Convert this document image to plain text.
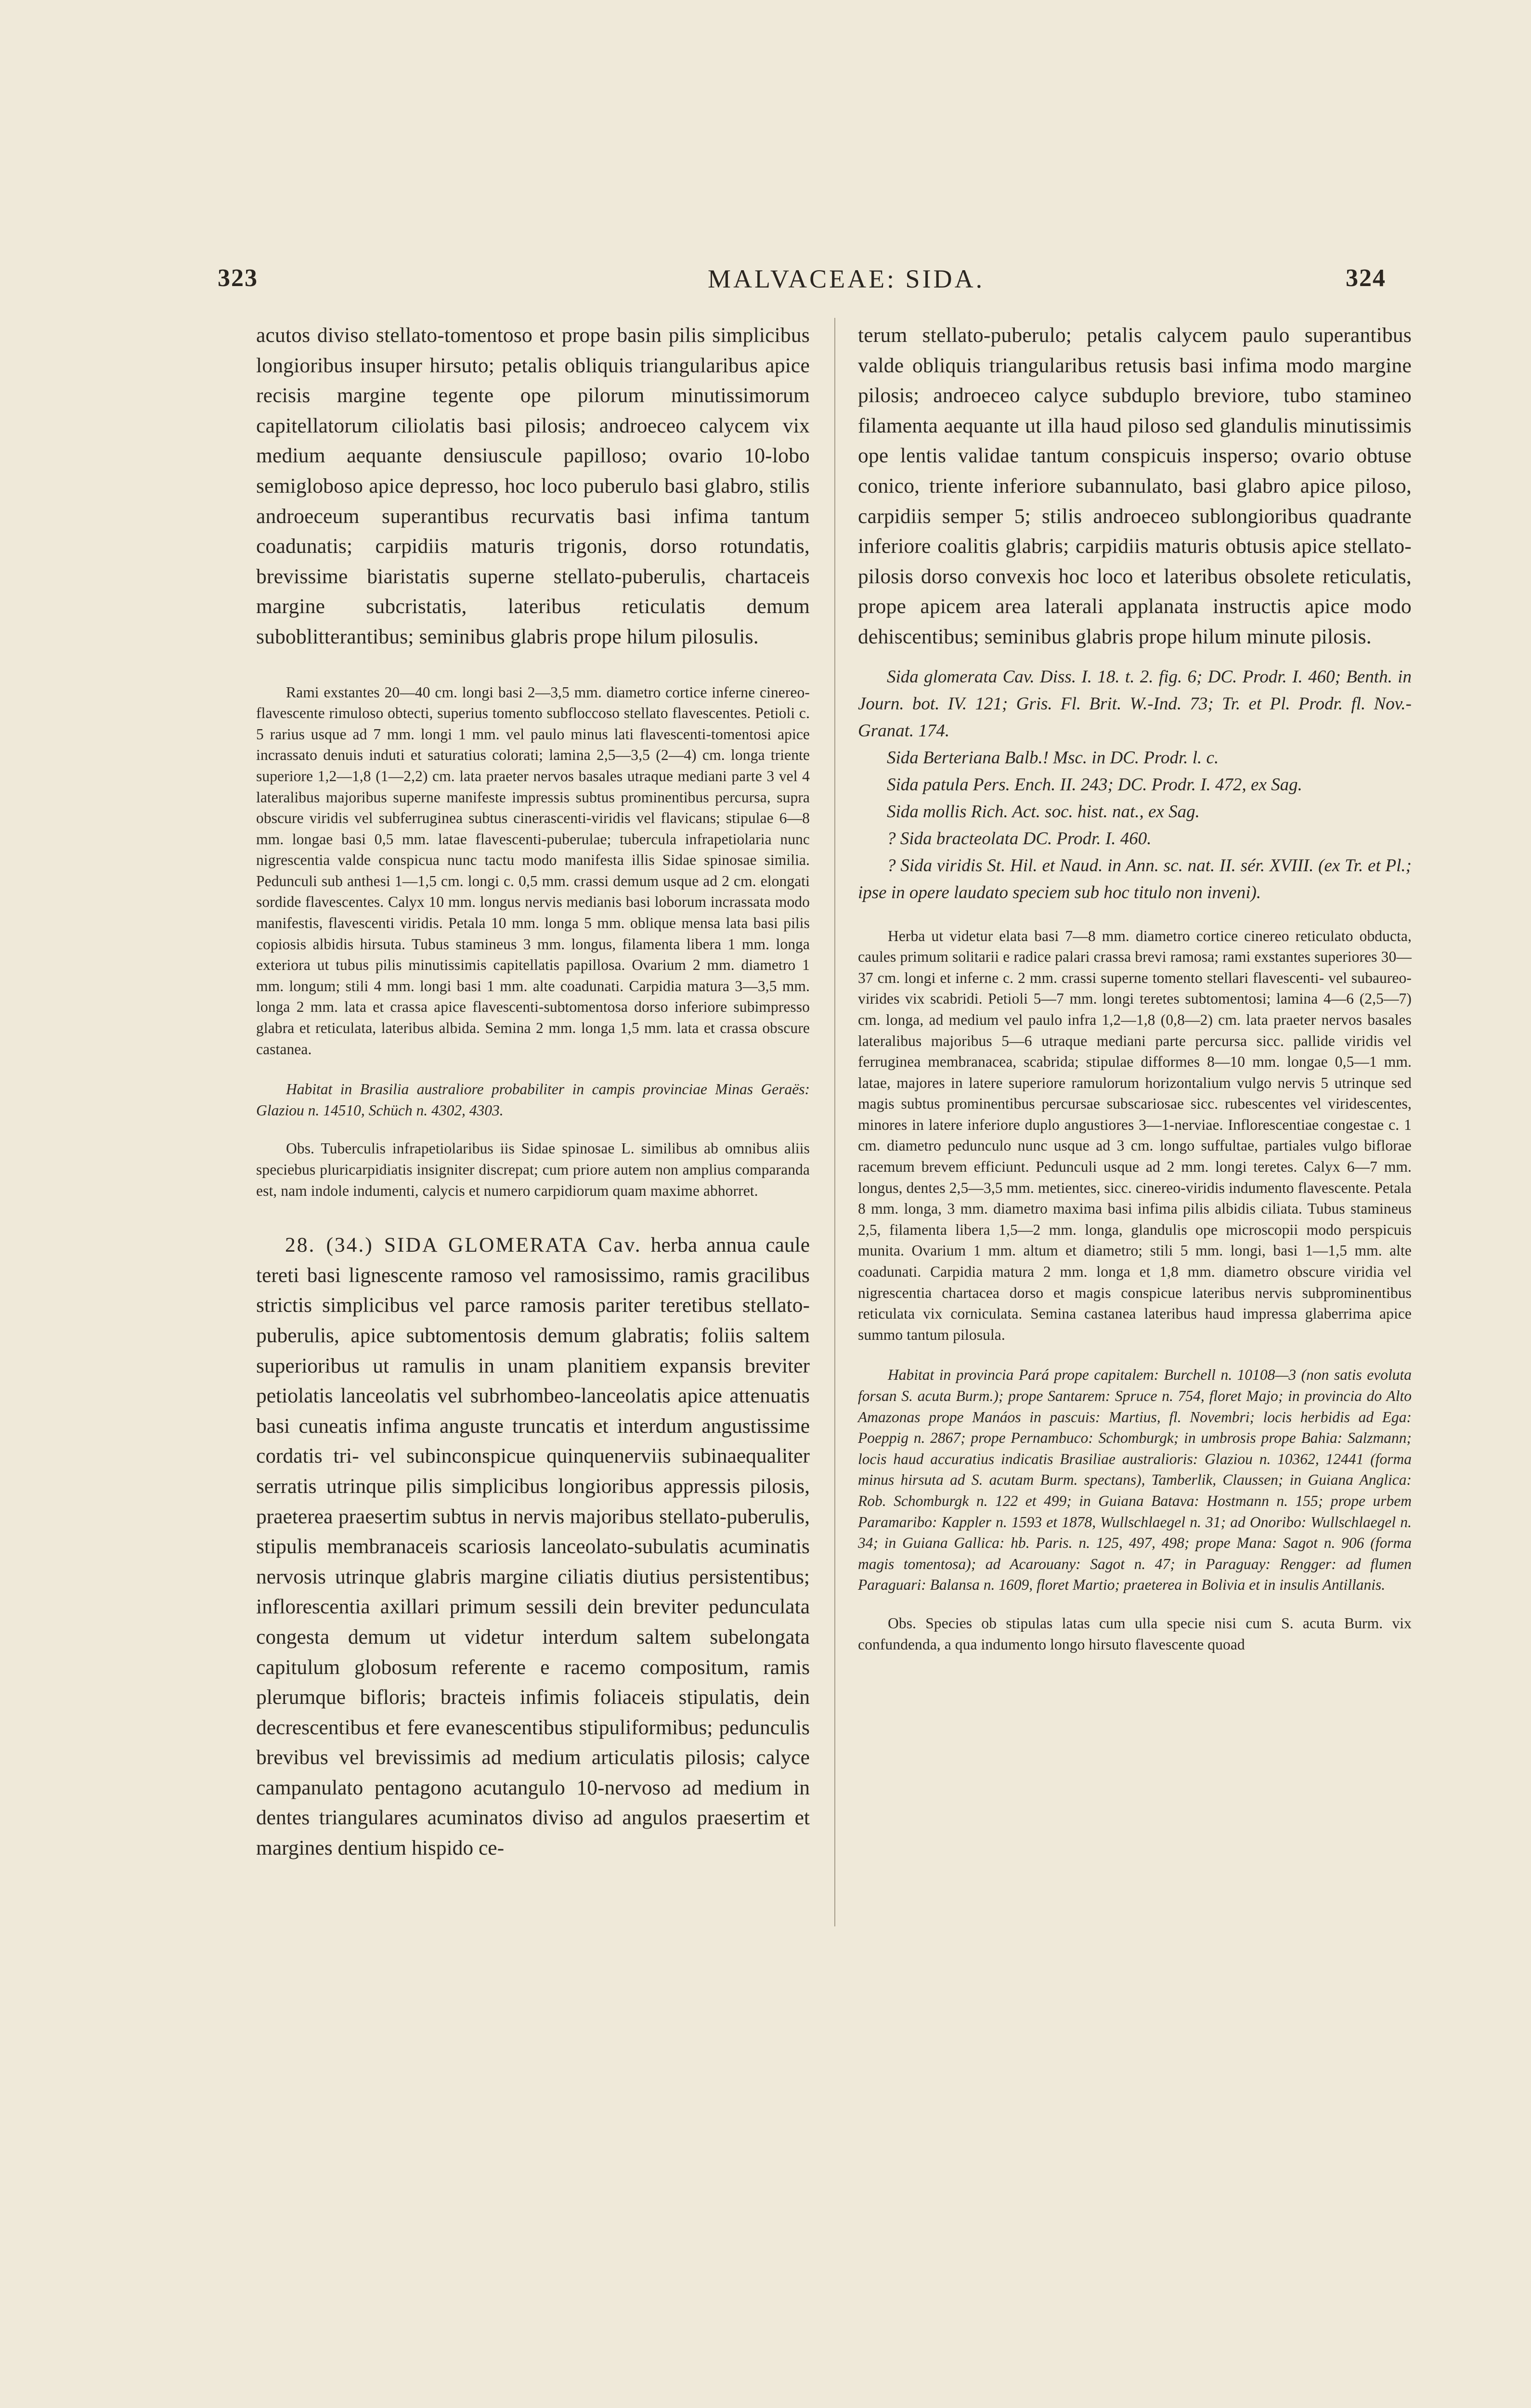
323	MALVACEAE: SIDA.	324

acutos diviso stellato-tomentoso et prope basin pilis simplicibus longioribus insuper hirsuto; petalis obliquis triangularibus apice recisis margine tegente ope pilorum minutissimorum capitellatorum ciliolatis basi pilosis; androeceo calycem vix medium aequante densiuscule papilloso; ovario 10-lobo semigloboso apice depresso, hoc loco puberulo basi glabro, stilis androeceum superantibus recurvatis basi infima tantum coadunatis; carpidiis maturis trigonis, dorso rotundatis, brevissime biaristatis superne stellato-puberulis, chartaceis margine subcristatis, lateribus reticulatis demum suboblitterantibus; seminibus glabris prope hilum pilosulis.

Rami exstantes 20—40 cm. longi basi 2—3,5 mm. diametro cortice inferne cinereo-flavescente rimuloso obtecti, superius tomento subfloccoso stellato flavescentes. Petioli c. 5 rarius usque ad 7 mm. longi 1 mm. vel paulo minus lati flavescenti-tomentosi apice incrassato denuis induti et saturatius colorati; lamina 2,5—3,5 (2—4) cm. longa triente superiore 1,2—1,8 (1—2,2) cm. lata praeter nervos basales utraque mediani parte 3 vel 4 lateralibus majoribus superne manifeste impressis subtus prominentibus percursa, supra obscure viridis vel subferruginea subtus cinerascenti-viridis vel flavicans; stipulae 6—8 mm. longae basi 0,5 mm. latae flavescenti-puberulae; tubercula infrapetiolaria nunc nigrescentia valde conspicua nunc tactu modo manifesta illis Sidae spinosae similia. Pedunculi sub anthesi 1—1,5 cm. longi c. 0,5 mm. crassi demum usque ad 2 cm. elongati sordide flavescentes. Calyx 10 mm. longus nervis medianis basi loborum incrassata modo manifestis, flavescenti viridis. Petala 10 mm. longa 5 mm. oblique mensa lata basi pilis copiosis albidis hirsuta. Tubus staminеus 3 mm. longus, filamenta libera 1 mm. longa exteriora ut tubus pilis minutissimis capitellatis papillosa. Ovarium 2 mm. diametro 1 mm. longum; stili 4 mm. longi basi 1 mm. alte coadunati. Carpidia matura 3—3,5 mm. longa 2 mm. lata et crassa apice flavescenti-subtomentosa dorso inferiore subimpresso glabra et reticulata, lateribus albida. Semina 2 mm. longa 1,5 mm. lata et crassa obscure castanea.

Habitat in Brasilia australiore probabiliter in campis provinciae Minas Geraës: Glaziou n. 14510, Schüch n. 4302, 4303.

Obs. Tuberculis infrapetiolaribus iis Sidae spinosae L. similibus ab omnibus aliis speciebus pluricarpidiatis insigniter discrepat; cum priore autem non amplius comparanda est, nam indole indumenti, calycis et numero carpidiorum quam maxime abhorret.

28. (34.) SIDA GLOMERATA Cav. herba annua caule tereti basi lignescente ramoso vel ramosissimo, ramis gracilibus strictis simplicibus vel parce ramosis pariter teretibus stellato-puberulis, apice subtomentosis demum glabratis; foliis saltem superioribus ut ramulis in unam planitiem expansis breviter petiolatis lanceolatis vel subrhombeo-lanceolatis apice attenuatis basi cuneatis infima anguste truncatis et interdum angustissime cordatis tri- vel subinconspicue quinquenerviis subinaequaliter serratis utrinque pilis simplicibus longioribus appressis pilosis, praeterea praesertim subtus in nervis majoribus stellato-puberulis, stipulis membranaceis scariosis lanceolato-subulatis acuminatis nervosis utrinque glabris margine ciliatis diutius persistentibus; inflorescentia axillari primum sessili dein breviter pedunculata congesta demum ut videtur interdum saltem subelongata capitulum globosum referente e racemo compositum, ramis plerumque bifloris; bracteis infimis foliaceis stipulatis, dein decrescentibus et fere evanescentibus stipuliformibus; pedunculis brevibus vel brevissimis ad medium articulatis pilosis; calyce campanulato pentagono acutangulo 10-nervoso ad medium in dentes triangulares acuminatos diviso ad angulos praesertim et margines dentium hispido ce-

terum stellato-puberulo; petalis calycem paulo superantibus valde obliquis triangularibus retusis basi infima modo margine pilosis; androeceo calyce subduplo breviore, tubo stamineo filamenta aequante ut illa haud piloso sed glandulis minutissimis ope lentis validae tantum conspicuis insperso; ovario obtuse conico, triente inferiore subannulato, basi glabro apice piloso, carpidiis semper 5; stilis androeceo sublongioribus quadrante inferiore coalitis glabris; carpidiis maturis obtusis apice stellato-pilosis dorso convexis hoc loco et lateribus obsolete reticulatis, prope apicem area laterali applanata instructis apice modo dehiscentibus; seminibus glabris prope hilum minute pilosis.

Sida glomerata Cav. Diss. I. 18. t. 2. fig. 6; DC. Prodr. I. 460; Benth. in Journ. bot. IV. 121; Gris. Fl. Brit. W.-Ind. 73; Tr. et Pl. Prodr. fl. Nov.-Granat. 174.

Sida Berteriana Balb.! Msc. in DC. Prodr. l. c.

Sida patula Pers. Ench. II. 243; DC. Prodr. I. 472, ex Sag.

Sida mollis Rich. Act. soc. hist. nat., ex Sag.

? Sida bracteolata DC. Prodr. I. 460.

? Sida viridis St. Hil. et Naud. in Ann. sc. nat. II. sér. XVIII. (ex Tr. et Pl.; ipse in opere laudato speciem sub hoc titulo non inveni).

Herba ut videtur elata basi 7—8 mm. diametro cortice cinereo reticulato obducta, caules primum solitarii e radice palari crassa brevi ramosa; rami exstantes superiores 30—37 cm. longi et inferne c. 2 mm. crassi superne tomento stellari flavescenti- vel subaureo-virides vix scabridi. Petioli 5—7 mm. longi teretes subtomentosi; lamina 4—6 (2,5—7) cm. longa, ad medium vel paulo infra 1,2—1,8 (0,8—2) cm. lata praeter nervos basales lateralibus majoribus 5—6 utraque mediani parte percursa sicc. pallide viridis vel ferruginea membranacea, scabrida; stipulae difformes 8—10 mm. longae 0,5—1 mm. latae, majores in latere superiore ramulorum horizontalium vulgo nervis 5 utrinque sed magis subtus prominentibus percursae subscariosae sicc. rubescentes vel viridescentes, minores in latere inferiore duplo angustiores 3—1-nerviae. Inflorescentiae congestae c. 1 cm. diametro pedunculo nunc usque ad 3 cm. longo suffultae, partiales vulgo biflorae racemum brevem efficiunt. Pedunculi usque ad 2 mm. longi teretes. Calyx 6—7 mm. longus, dentes 2,5—3,5 mm. metientes, sicc. cinereo-viridis indumento flavescente. Petala 8 mm. longa, 3 mm. diametro maxima basi infima pilis albidis ciliata. Tubus stamineus 2,5, filamenta libera 1,5—2 mm. longa, glandulis ope microscopii modo perspicuis munita. Ovarium 1 mm. altum et diametro; stili 5 mm. longi, basi 1—1,5 mm. alte coadunati. Carpidia matura 2 mm. longa et 1,8 mm. diametro obscure viridia vel nigrescentia chartacea dorso et magis conspicue lateribus nervis subprominentibus reticulata vix corniculata. Semina castanea lateribus haud impressa glaberrima apice summo tantum pilosula.

Habitat in provincia Pará prope capitalem: Burchell n. 10108—3 (non satis evoluta forsan S. acuta Burm.); prope Santarem: Spruce n. 754, floret Majo; in provincia do Alto Amazonas prope Manáos in pascuis: Martius, fl. Novembri; locis herbidis ad Ega: Poeppig n. 2867; prope Pernambuco: Schomburgk; in umbrosis prope Bahia: Salzmann; locis haud accuratius indicatis Brasiliae australioris: Glaziou n. 10362, 12441 (forma minus hirsuta ad S. acutam Burm. spectans), Tamberlik, Claussen; in Guiana Anglica: Rob. Schomburgk n. 122 et 499; in Guiana Batava: Hostmann n. 155; prope urbem Paramaribo: Kappler n. 1593 et 1878, Wullschlaegel n. 31; ad Onoribo: Wullschlaegel n. 34; in Guiana Gallica: hb. Paris. n. 125, 497, 498; prope Mana: Sagot n. 906 (forma magis tomentosa); ad Acarouany: Sagot n. 47; in Paraguay: Rengger: ad flumen Paraguari: Balansa n. 1609, floret Martio; praeterea in Bolivia et in insulis Antillanis.

Obs. Species ob stipulas latas cum ulla specie nisi cum S. acuta Burm. vix confundenda, a qua indumento longo hirsuto flavescente quoad
